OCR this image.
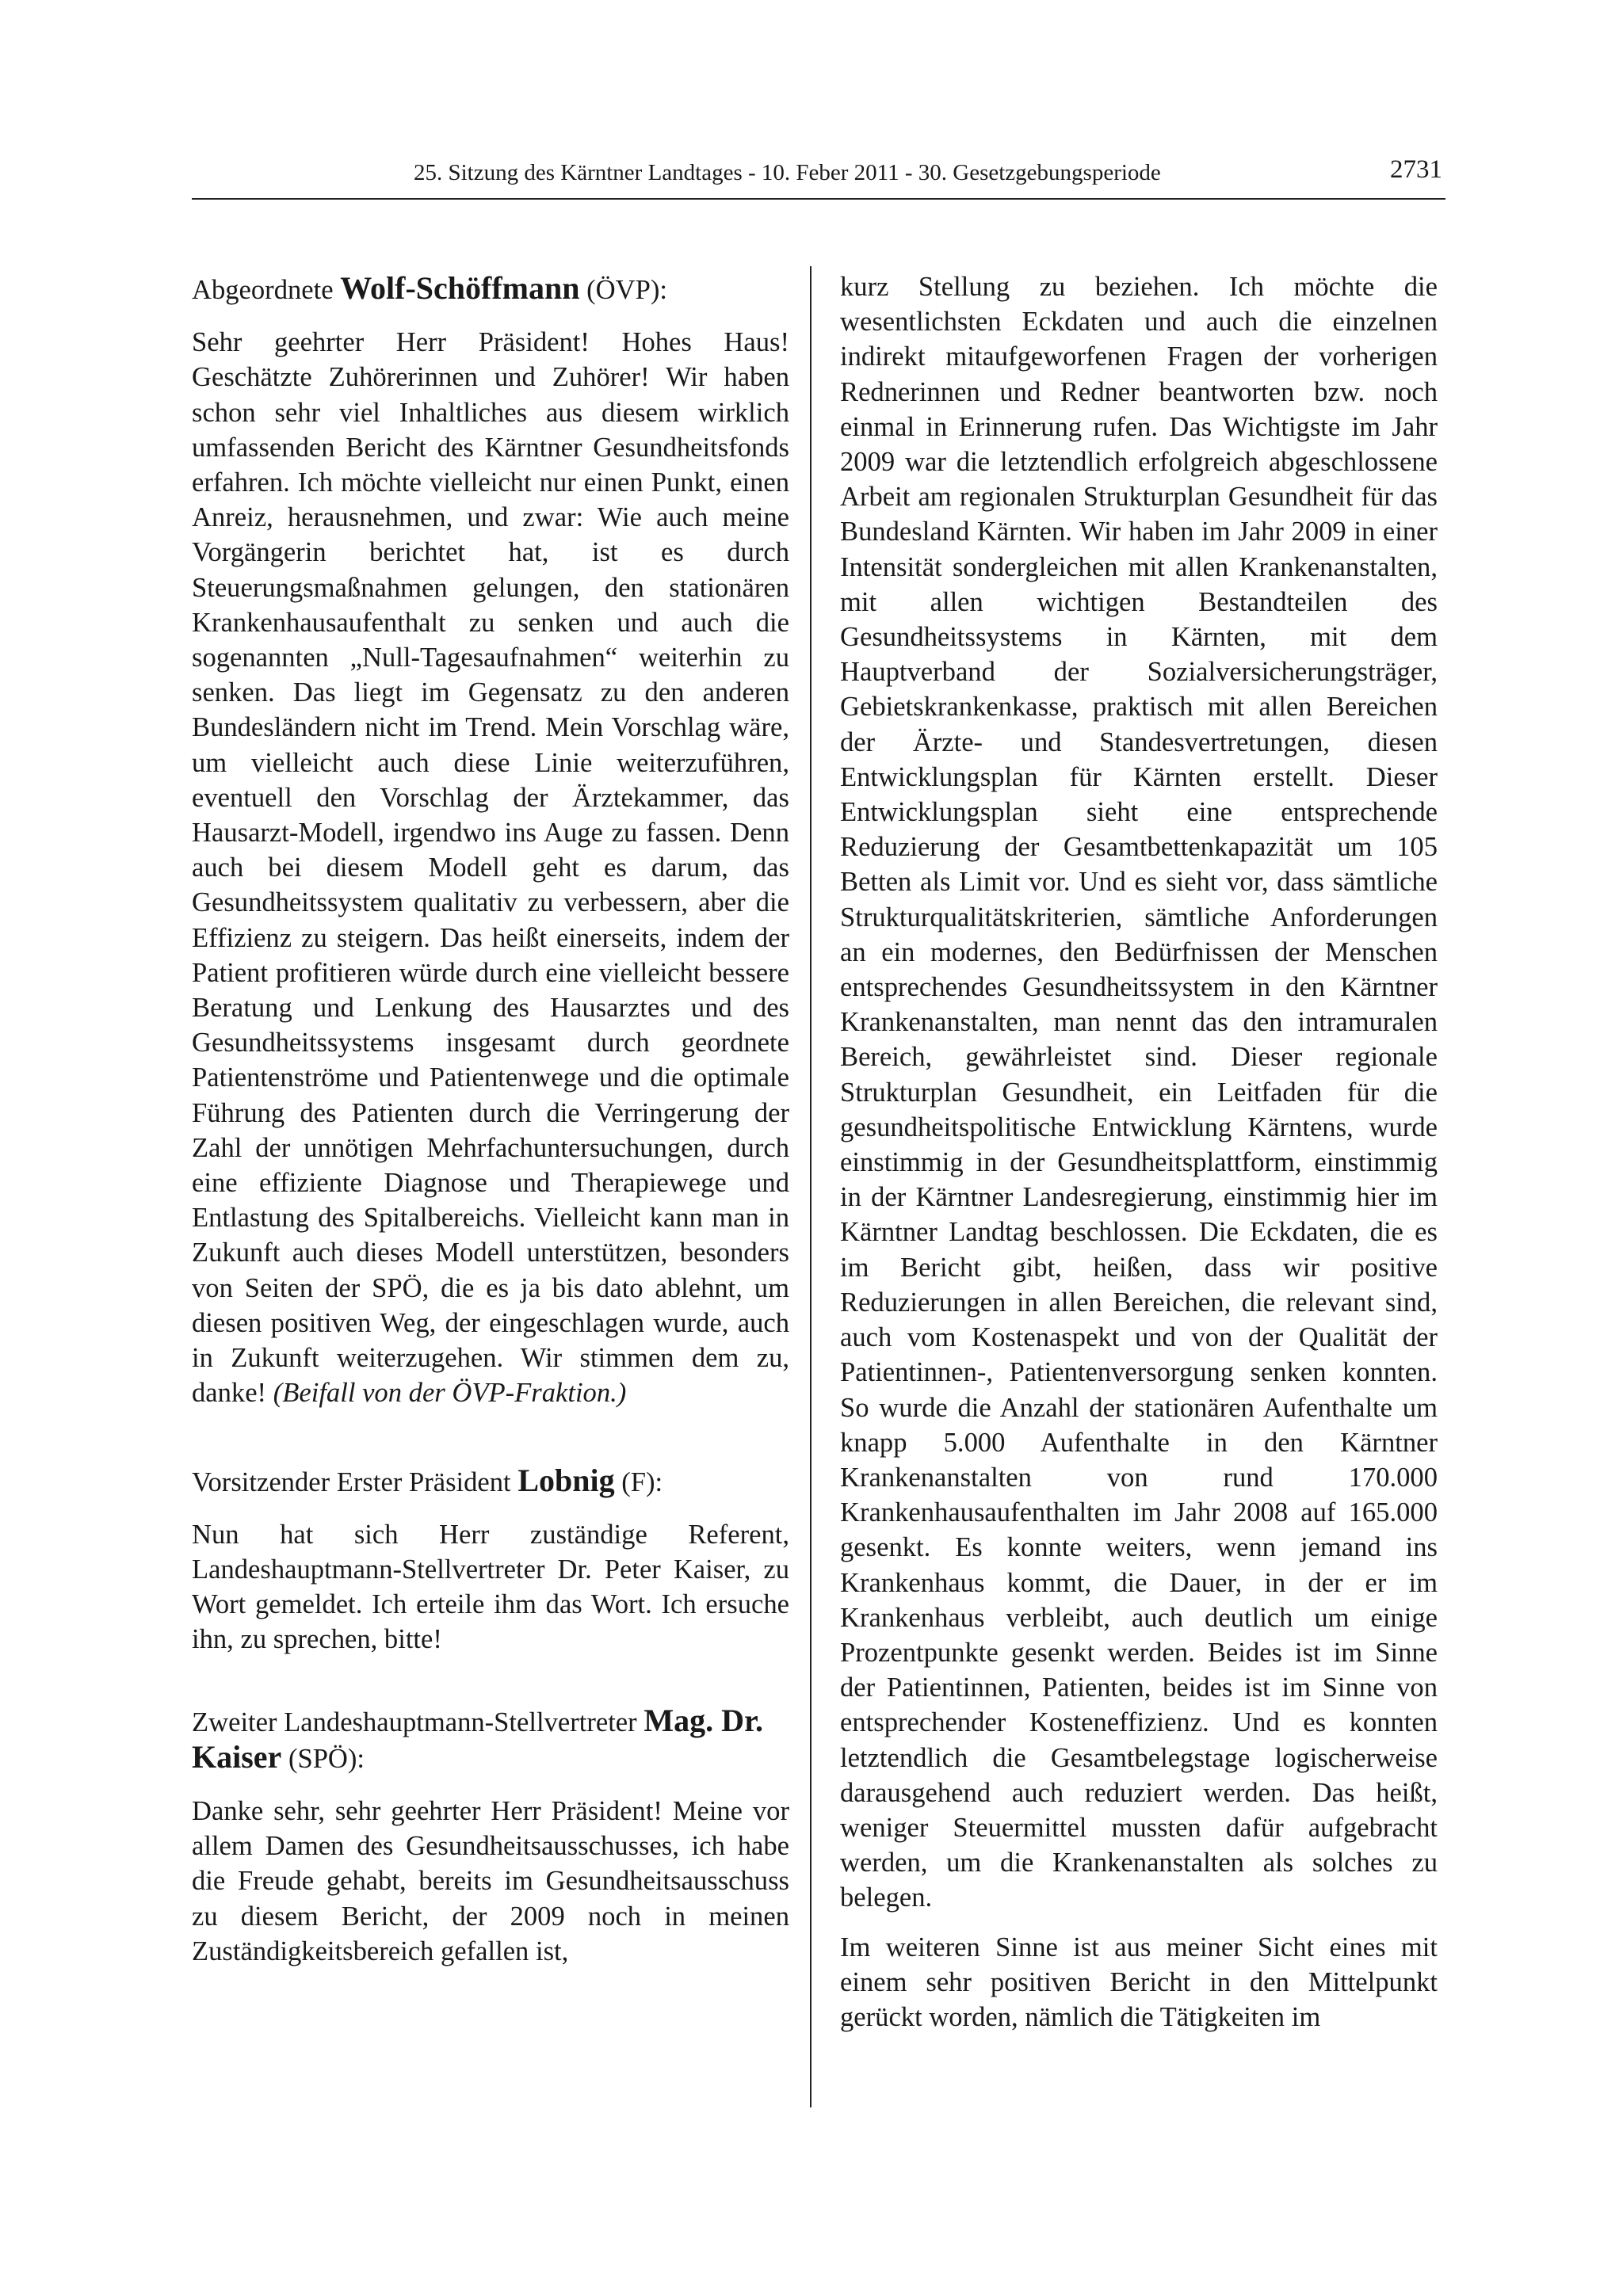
25. Sitzung des Kärntner Landtages - 10. Feber 2011 - 30. Gesetzgebungsperiode	2731

Abgeordnete Wolf-Schöffmann (ÖVP):

Sehr geehrter Herr Präsident! Hohes Haus! Geschätzte Zuhörerinnen und Zuhörer! Wir haben schon sehr viel Inhaltliches aus diesem wirklich umfassenden Bericht des Kärntner Gesundheitsfonds erfahren. Ich möchte vielleicht nur einen Punkt, einen Anreiz, herausnehmen, und zwar: Wie auch meine Vorgängerin berichtet hat, ist es durch Steuerungsmaßnahmen gelungen, den stationären Krankenhausaufenthalt zu senken und auch die sogenannten „Null-Tagesaufnahmen“ weiterhin zu senken. Das liegt im Gegensatz zu den anderen Bundesländern nicht im Trend. Mein Vorschlag wäre, um vielleicht auch diese Linie weiterzuführen, eventuell den Vorschlag der Ärztekammer, das Hausarzt-Modell, irgendwo ins Auge zu fassen. Denn auch bei diesem Modell geht es darum, das Gesundheitssystem qualitativ zu verbessern, aber die Effizienz zu steigern. Das heißt einerseits, indem der Patient profitieren würde durch eine vielleicht bessere Beratung und Lenkung des Hausarztes und des Gesundheitssystems insgesamt durch geordnete Patientenströme und Patientenwege und die optimale Führung des Patienten durch die Verringerung der Zahl der unnötigen Mehrfachuntersuchungen, durch eine effiziente Diagnose und Therapiewege und Entlastung des Spitalbereichs. Vielleicht kann man in Zukunft auch dieses Modell unterstützen, besonders von Seiten der SPÖ, die es ja bis dato ablehnt, um diesen positiven Weg, der eingeschlagen wurde, auch in Zukunft weiterzugehen. Wir stimmen dem zu, danke! (Beifall von der ÖVP-Fraktion.)

Vorsitzender Erster Präsident Lobnig (F):

Nun hat sich Herr zuständige Referent, Landeshauptmann-Stellvertreter Dr. Peter Kaiser, zu Wort gemeldet. Ich erteile ihm das Wort. Ich ersuche ihn, zu sprechen, bitte!

Zweiter Landeshauptmann-Stellvertreter Mag. Dr. Kaiser (SPÖ):

Danke sehr, sehr geehrter Herr Präsident! Meine vor allem Damen des Gesundheitsausschusses, ich habe die Freude gehabt, bereits im Gesundheitsausschuss zu diesem Bericht, der 2009 noch in meinen Zuständigkeitsbereich gefallen ist,

kurz Stellung zu beziehen. Ich möchte die wesentlichsten Eckdaten und auch die einzelnen indirekt mitaufgeworfenen Fragen der vorherigen Rednerinnen und Redner beantworten bzw. noch einmal in Erinnerung rufen. Das Wichtigste im Jahr 2009 war die letztendlich erfolgreich abgeschlossene Arbeit am regionalen Strukturplan Gesundheit für das Bundesland Kärnten. Wir haben im Jahr 2009 in einer Intensität sondergleichen mit allen Krankenanstalten, mit allen wichtigen Bestandteilen des Gesundheitssystems in Kärnten, mit dem Hauptverband der Sozialversicherungsträger, Gebietskrankenkasse, praktisch mit allen Bereichen der Ärzte- und Standesvertretungen, diesen Entwicklungsplan für Kärnten erstellt. Dieser Entwicklungsplan sieht eine entsprechende Reduzierung der Gesamtbettenkapazität um 105 Betten als Limit vor. Und es sieht vor, dass sämtliche Strukturqualitätskriterien, sämtliche Anforderungen an ein modernes, den Bedürfnissen der Menschen entsprechendes Gesundheitssystem in den Kärntner Krankenanstalten, man nennt das den intramuralen Bereich, gewährleistet sind. Dieser regionale Strukturplan Gesundheit, ein Leitfaden für die gesundheitspolitische Entwicklung Kärntens, wurde einstimmig in der Gesundheitsplattform, einstimmig in der Kärntner Landesregierung, einstimmig hier im Kärntner Landtag beschlossen. Die Eckdaten, die es im Bericht gibt, heißen, dass wir positive Reduzierungen in allen Bereichen, die relevant sind, auch vom Kostenaspekt und von der Qualität der Patientinnen-, Patientenversorgung senken konnten. So wurde die Anzahl der stationären Aufenthalte um knapp 5.000 Aufenthalte in den Kärntner Krankenanstalten von rund 170.000 Krankenhausaufenthalten im Jahr 2008 auf 165.000 gesenkt. Es konnte weiters, wenn jemand ins Krankenhaus kommt, die Dauer, in der er im Krankenhaus verbleibt, auch deutlich um einige Prozentpunkte gesenkt werden. Beides ist im Sinne der Patientinnen, Patienten, beides ist im Sinne von entsprechender Kosteneffizienz. Und es konnten letztendlich die Gesamtbelegstage logischerweise darausgehend auch reduziert werden. Das heißt, weniger Steuermittel mussten dafür aufgebracht werden, um die Krankenanstalten als solches zu belegen.

Im weiteren Sinne ist aus meiner Sicht eines mit einem sehr positiven Bericht in den Mittelpunkt gerückt worden, nämlich die Tätigkeiten im
